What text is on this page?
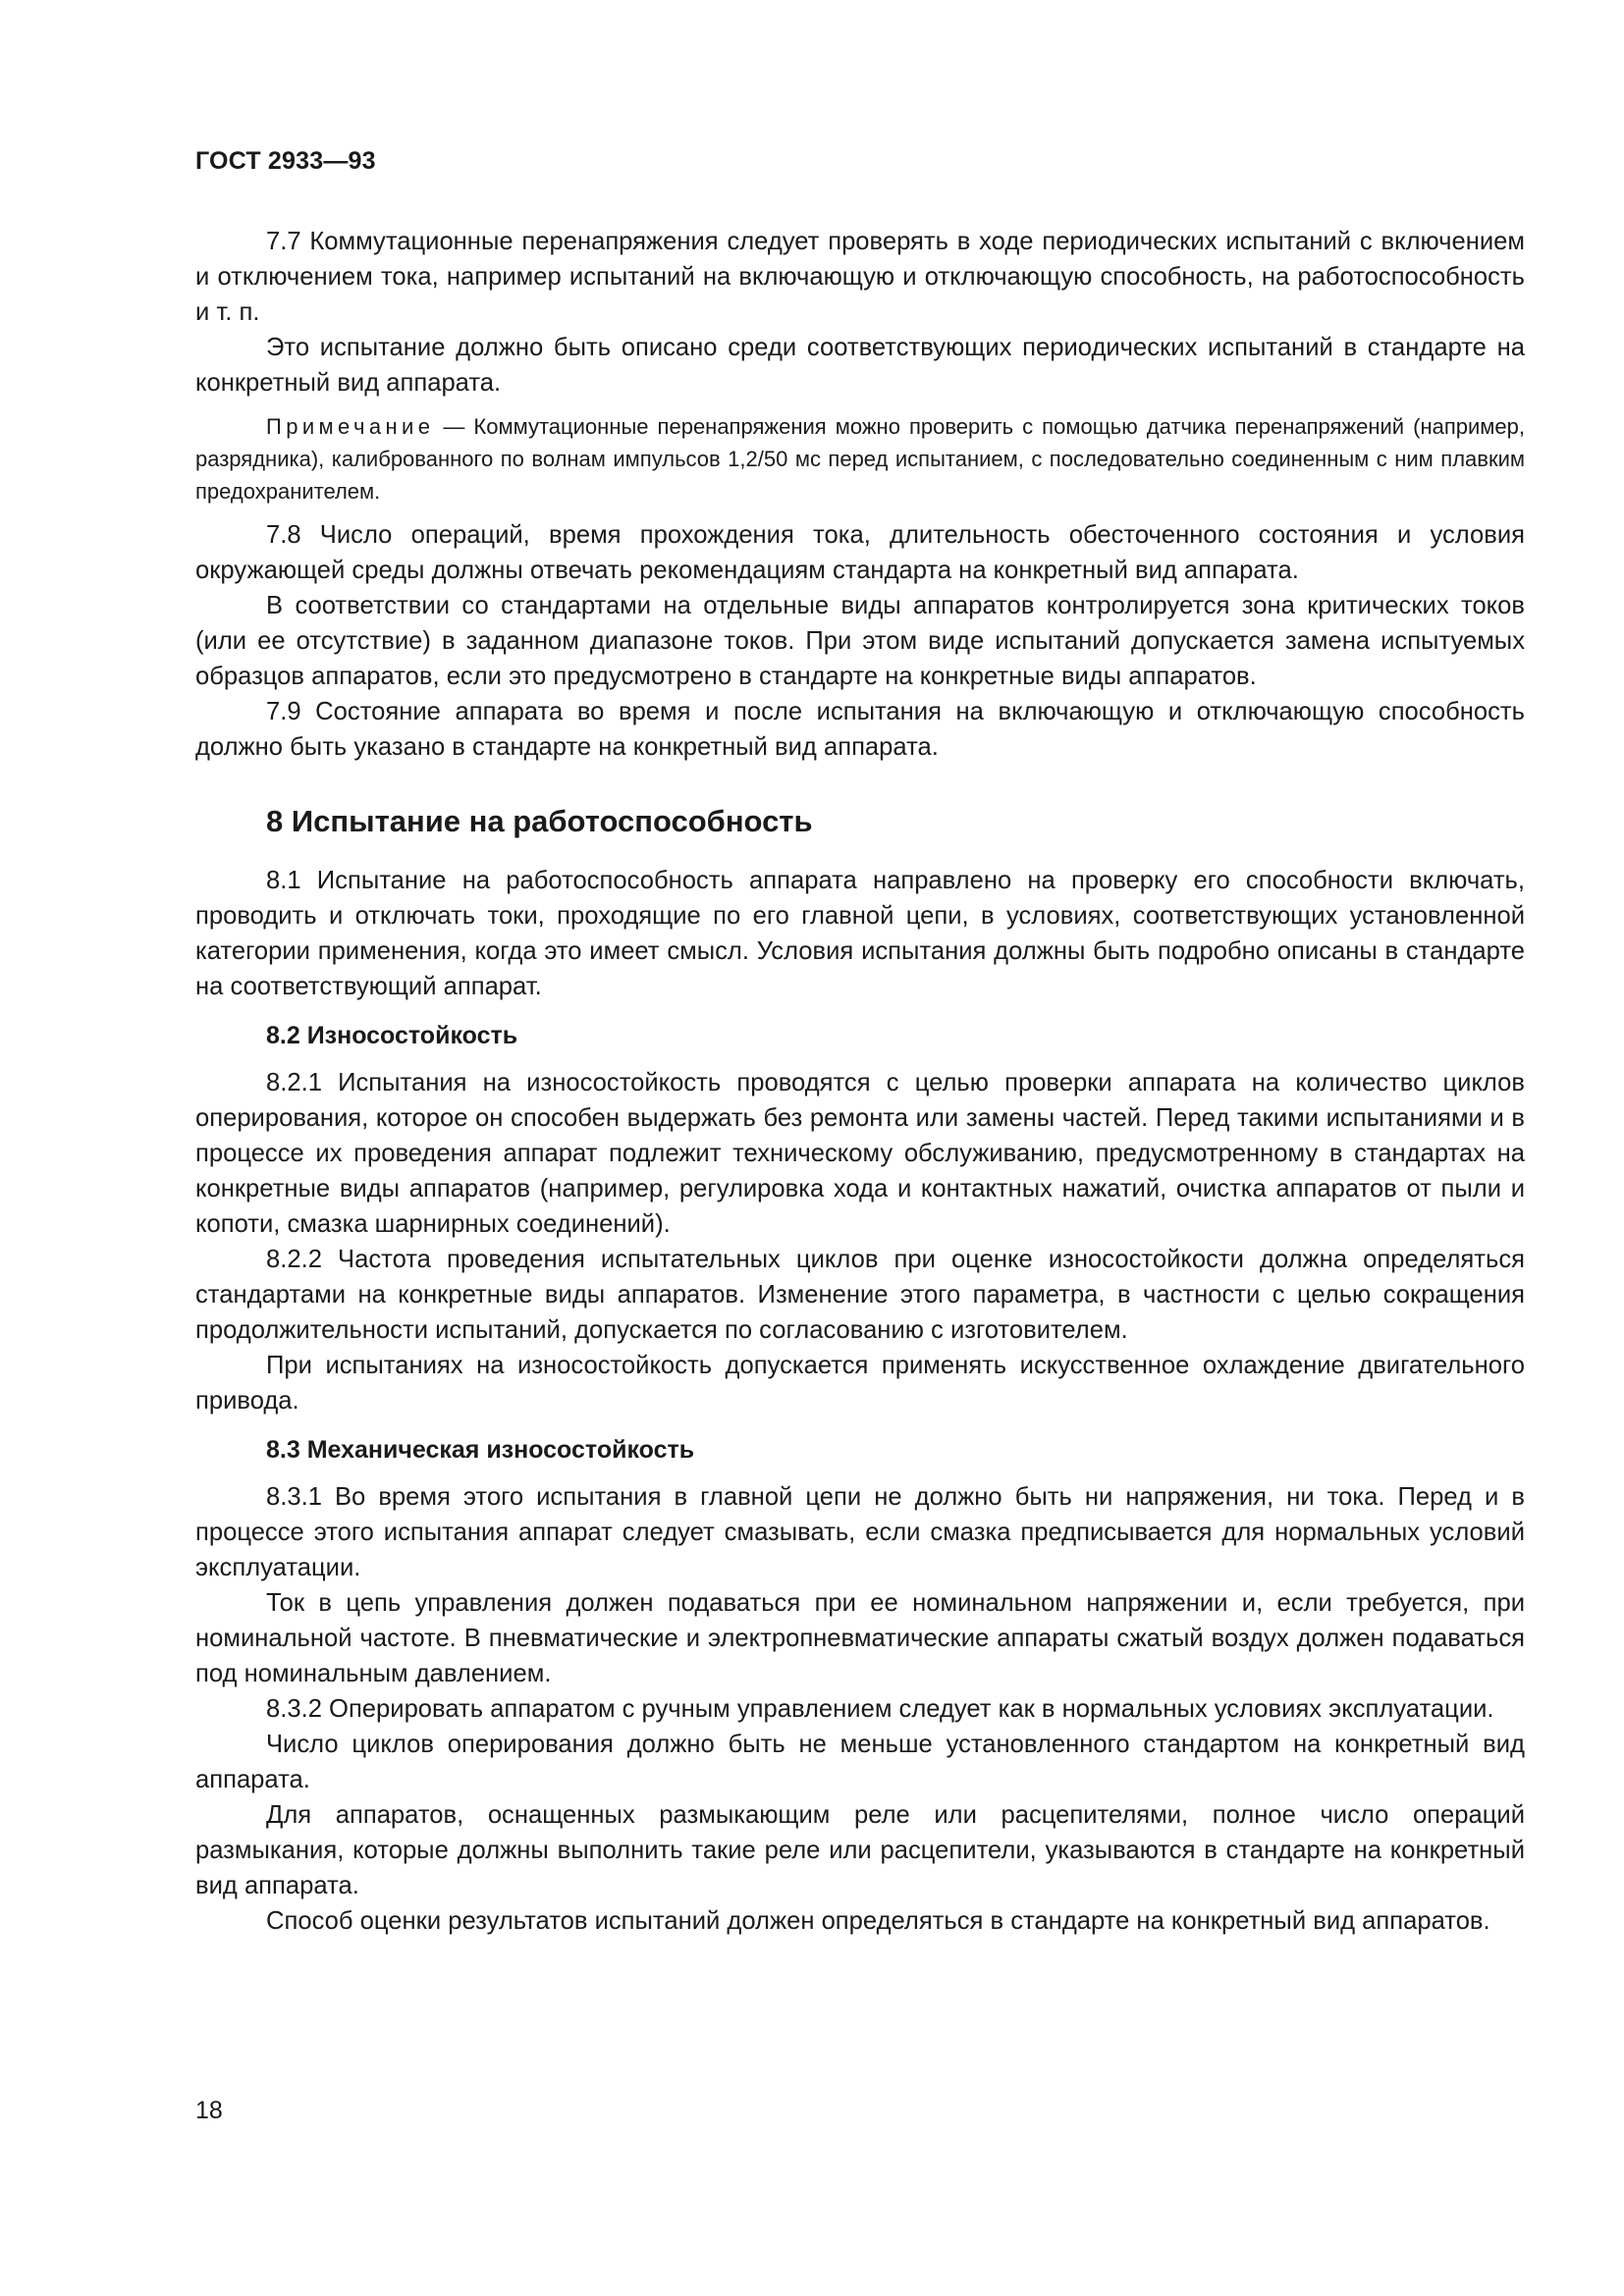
ГОСТ 2933—93

7.7 Коммутационные перенапряжения следует проверять в ходе периодических испытаний с включением и отключением тока, например испытаний на включающую и отключающую способность, на работоспособность и т. п.

Это испытание должно быть описано среди соответствующих периодических испытаний в стандарте на конкретный вид аппарата.

Примечание — Коммутационные перенапряжения можно проверить с помощью датчика перенапряжений (например, разрядника), калиброванного по волнам импульсов 1,2/50 мс перед испытанием, с последовательно соединенным с ним плавким предохранителем.

7.8 Число операций, время прохождения тока, длительность обесточенного состояния и условия окружающей среды должны отвечать рекомендациям стандарта на конкретный вид аппарата.

В соответствии со стандартами на отдельные виды аппаратов контролируется зона критических токов (или ее отсутствие) в заданном диапазоне токов. При этом виде испытаний допускается замена испытуемых образцов аппаратов, если это предусмотрено в стандарте на конкретные виды аппаратов.

7.9 Состояние аппарата во время и после испытания на включающую и отключающую способность должно быть указано в стандарте на конкретный вид аппарата.

8 Испытание на работоспособность

8.1 Испытание на работоспособность аппарата направлено на проверку его способности включать, проводить и отключать токи, проходящие по его главной цепи, в условиях, соответствующих установленной категории применения, когда это имеет смысл. Условия испытания должны быть подробно описаны в стандарте на соответствующий аппарат.

8.2 Износостойкость

8.2.1 Испытания на износостойкость проводятся с целью проверки аппарата на количество циклов оперирования, которое он способен выдержать без ремонта или замены частей. Перед такими испытаниями и в процессе их проведения аппарат подлежит техническому обслуживанию, предусмотренному в стандартах на конкретные виды аппаратов (например, регулировка хода и контактных нажатий, очистка аппаратов от пыли и копоти, смазка шарнирных соединений).

8.2.2 Частота проведения испытательных циклов при оценке износостойкости должна определяться стандартами на конкретные виды аппаратов. Изменение этого параметра, в частности с целью сокращения продолжительности испытаний, допускается по согласованию с изготовителем.

При испытаниях на износостойкость допускается применять искусственное охлаждение двигательного привода.

8.3 Механическая износостойкость

8.3.1 Во время этого испытания в главной цепи не должно быть ни напряжения, ни тока. Перед и в процессе этого испытания аппарат следует смазывать, если смазка предписывается для нормальных условий эксплуатации.

Ток в цепь управления должен подаваться при ее номинальном напряжении и, если требуется, при номинальной частоте. В пневматические и электропневматические аппараты сжатый воздух должен подаваться под номинальным давлением.

8.3.2 Оперировать аппаратом с ручным управлением следует как в нормальных условиях эксплуатации.

Число циклов оперирования должно быть не меньше установленного стандартом на конкретный вид аппарата.

Для аппаратов, оснащенных размыкающим реле или расцепителями, полное число операций размыкания, которые должны выполнить такие реле или расцепители, указываются в стандарте на конкретный вид аппарата.

Способ оценки результатов испытаний должен определяться в стандарте на конкретный вид аппаратов.

18
